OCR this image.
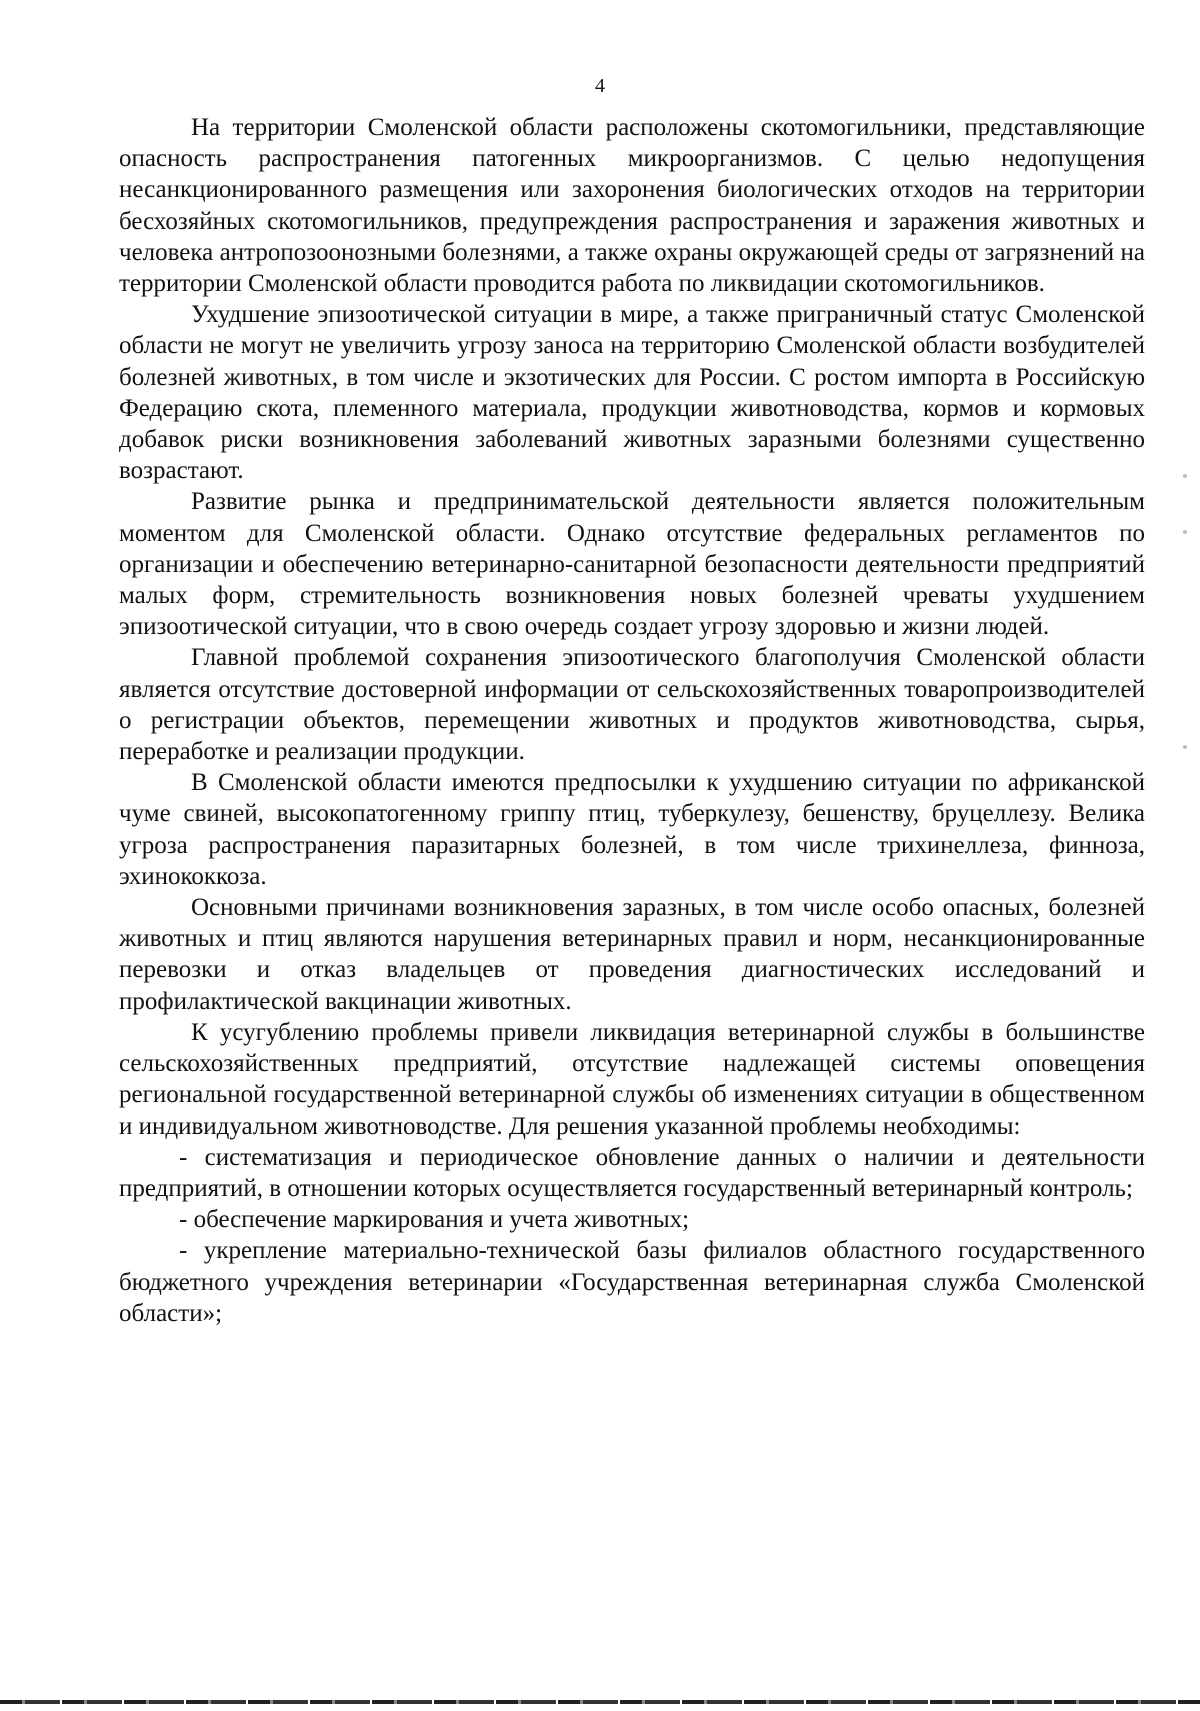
4

На территории Смоленской области расположены скотомогильники, представляющие опасность распространения патогенных микроорганизмов. С целью недопущения несанкционированного размещения или захоронения биологических отходов на территории бесхозяйных скотомогильников, предупреждения распространения и заражения животных и человека антропозоонозными болезнями, а также охраны окружающей среды от загрязнений на территории Смоленской области проводится работа по ликвидации скотомогильников.

Ухудшение эпизоотической ситуации в мире, а также приграничный статус Смоленской области не могут не увеличить угрозу заноса на территорию Смоленской области возбудителей болезней животных, в том числе и экзотических для России. С ростом импорта в Российскую Федерацию скота, племенного материала, продукции животноводства, кормов и кормовых добавок риски возникновения заболеваний животных заразными болезнями существенно возрастают.

Развитие рынка и предпринимательской деятельности является положительным моментом для Смоленской области. Однако отсутствие федеральных регламентов по организации и обеспечению ветеринарно-санитарной безопасности деятельности предприятий малых форм, стремительность возникновения новых болезней чреваты ухудшением эпизоотической ситуации, что в свою очередь создает угрозу здоровью и жизни людей.

Главной проблемой сохранения эпизоотического благополучия Смоленской области является отсутствие достоверной информации от сельскохозяйственных товаропроизводителей о регистрации объектов, перемещении животных и продуктов животноводства, сырья, переработке и реализации продукции.

В Смоленской области имеются предпосылки к ухудшению ситуации по африканской чуме свиней, высокопатогенному гриппу птиц, туберкулезу, бешенству, бруцеллезу. Велика угроза распространения паразитарных болезней, в том числе трихинеллеза, финноза, эхинококкоза.

Основными причинами возникновения заразных, в том числе особо опасных, болезней животных и птиц являются нарушения ветеринарных правил и норм, несанкционированные перевозки и отказ владельцев от проведения диагностических исследований и профилактической вакцинации животных.

К усугублению проблемы привели ликвидация ветеринарной службы в большинстве сельскохозяйственных предприятий, отсутствие надлежащей системы оповещения региональной государственной ветеринарной службы об изменениях ситуации в общественном и индивидуальном животноводстве. Для решения указанной проблемы необходимы:

- систематизация и периодическое обновление данных о наличии и деятельности предприятий, в отношении которых осуществляется государственный ветеринарный контроль;

- обеспечение маркирования и учета животных;

- укрепление материально-технической базы филиалов областного государственного бюджетного учреждения ветеринарии «Государственная ветеринарная служба Смоленской области»;
